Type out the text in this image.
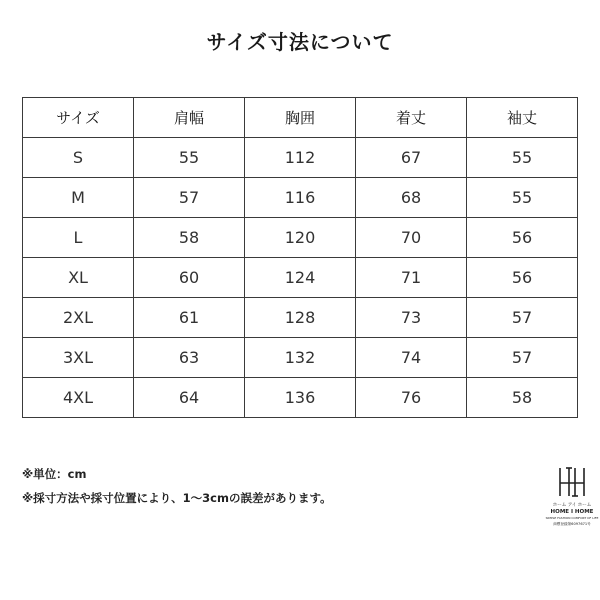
サイズ寸法について
サイズ	肩幅	胸囲	着丈	袖丈
S	55	112	67	55
M	57	116	68	55
L	58	120	70	56
XL	60	124	71	56
2XL	61	128	73	57
3XL	63	132	74	57
4XL	64	136	76	58
※単位：cm
※採寸方法や採寸位置により、1～3cmの誤差があります。
ホーム アイ ホーム
HOME I HOME
SIMPLE FASHION COMFORT OF LIFE
商標登録第6097671号
